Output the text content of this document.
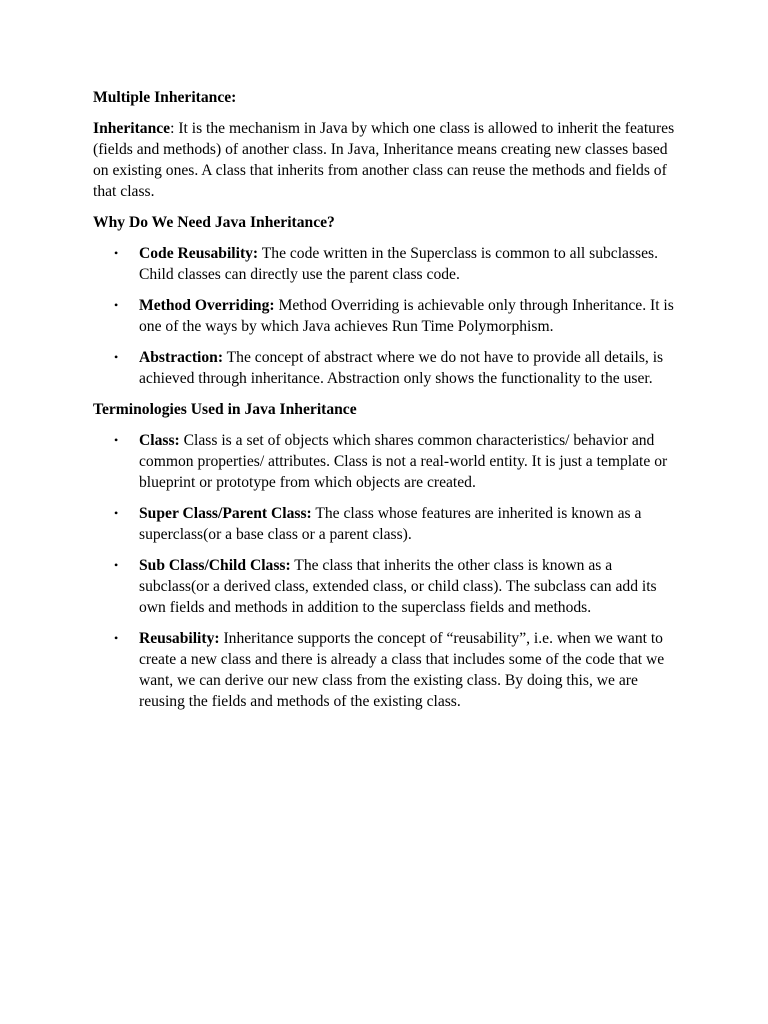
Multiple Inheritance:

Inheritance: It is the mechanism in Java by which one class is allowed to inherit the features (fields and methods) of another class. In Java, Inheritance means creating new classes based on existing ones. A class that inherits from another class can reuse the methods and fields of that class.

Why Do We Need Java Inheritance?
• Code Reusability: The code written in the Superclass is common to all subclasses. Child classes can directly use the parent class code.
• Method Overriding: Method Overriding is achievable only through Inheritance. It is one of the ways by which Java achieves Run Time Polymorphism.
• Abstraction: The concept of abstract where we do not have to provide all details, is achieved through inheritance. Abstraction only shows the functionality to the user.
Terminologies Used in Java Inheritance
• Class: Class is a set of objects which shares common characteristics/ behavior and common properties/ attributes. Class is not a real-world entity. It is just a template or blueprint or prototype from which objects are created.
• Super Class/Parent Class: The class whose features are inherited is known as a superclass(or a base class or a parent class).
• Sub Class/Child Class: The class that inherits the other class is known as a subclass(or a derived class, extended class, or child class). The subclass can add its own fields and methods in addition to the superclass fields and methods.
• Reusability: Inheritance supports the concept of “reusability”, i.e. when we want to create a new class and there is already a class that includes some of the code that we want, we can derive our new class from the existing class. By doing this, we are reusing the fields and methods of the existing class.
